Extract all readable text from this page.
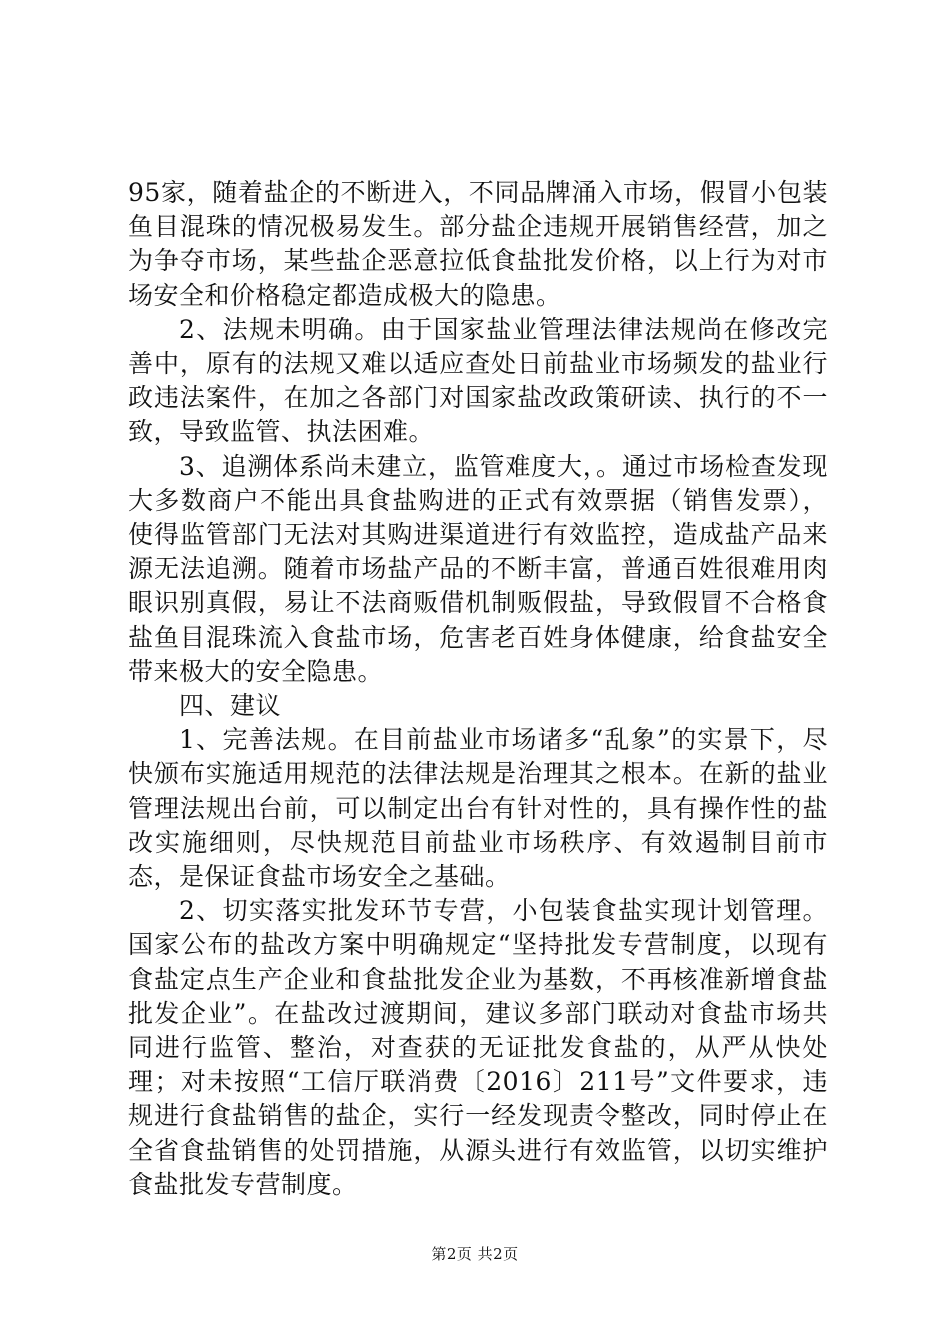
95家，随着盐企的不断进入，不同品牌涌入市场，假冒小包装鱼目混珠的情况极易发生。部分盐企违规开展销售经营，加之为争夺市场，某些盐企恶意拉低食盐批发价格，以上行为对市场安全和价格稳定都造成极大的隐患。

2、法规未明确。由于国家盐业管理法律法规尚在修改完善中，原有的法规又难以适应查处日前盐业市场频发的盐业行政违法案件，在加之各部门对国家盐改政策研读、执行的不一致，导致监管、执法困难。

3、追溯体系尚未建立，监管难度大，。通过市场检查发现大多数商户不能出具食盐购进的正式有效票据（销售发票），使得监管部门无法对其购进渠道进行有效监控，造成盐产品来源无法追溯。随着市场盐产品的不断丰富，普通百姓很难用肉眼识别真假，易让不法商贩借机制贩假盐，导致假冒不合格食盐鱼目混珠流入食盐市场，危害老百姓身体健康，给食盐安全带来极大的安全隐患。

四、建议

1、完善法规。在目前盐业市场诸多“乱象”的实景下，尽快颁布实施适用规范的法律法规是治理其之根本。在新的盐业管理法规出台前，可以制定出台有针对性的，具有操作性的盐改实施细则，尽快规范目前盐业市场秩序、有效遏制目前市态，是保证食盐市场安全之基础。

2、切实落实批发环节专营，小包装食盐实现计划管理。国家公布的盐改方案中明确规定“坚持批发专营制度，以现有食盐定点生产企业和食盐批发企业为基数，不再核准新增食盐批发企业”。在盐改过渡期间，建议多部门联动对食盐市场共同进行监管、整治，对查获的无证批发食盐的，从严从快处理；对未按照“工信厅联消费〔2016〕211号”文件要求，违规进行食盐销售的盐企，实行一经发现责令整改，同时停止在全省食盐销售的处罚措施，从源头进行有效监管，以切实维护食盐批发专营制度。

第2页 共2页
